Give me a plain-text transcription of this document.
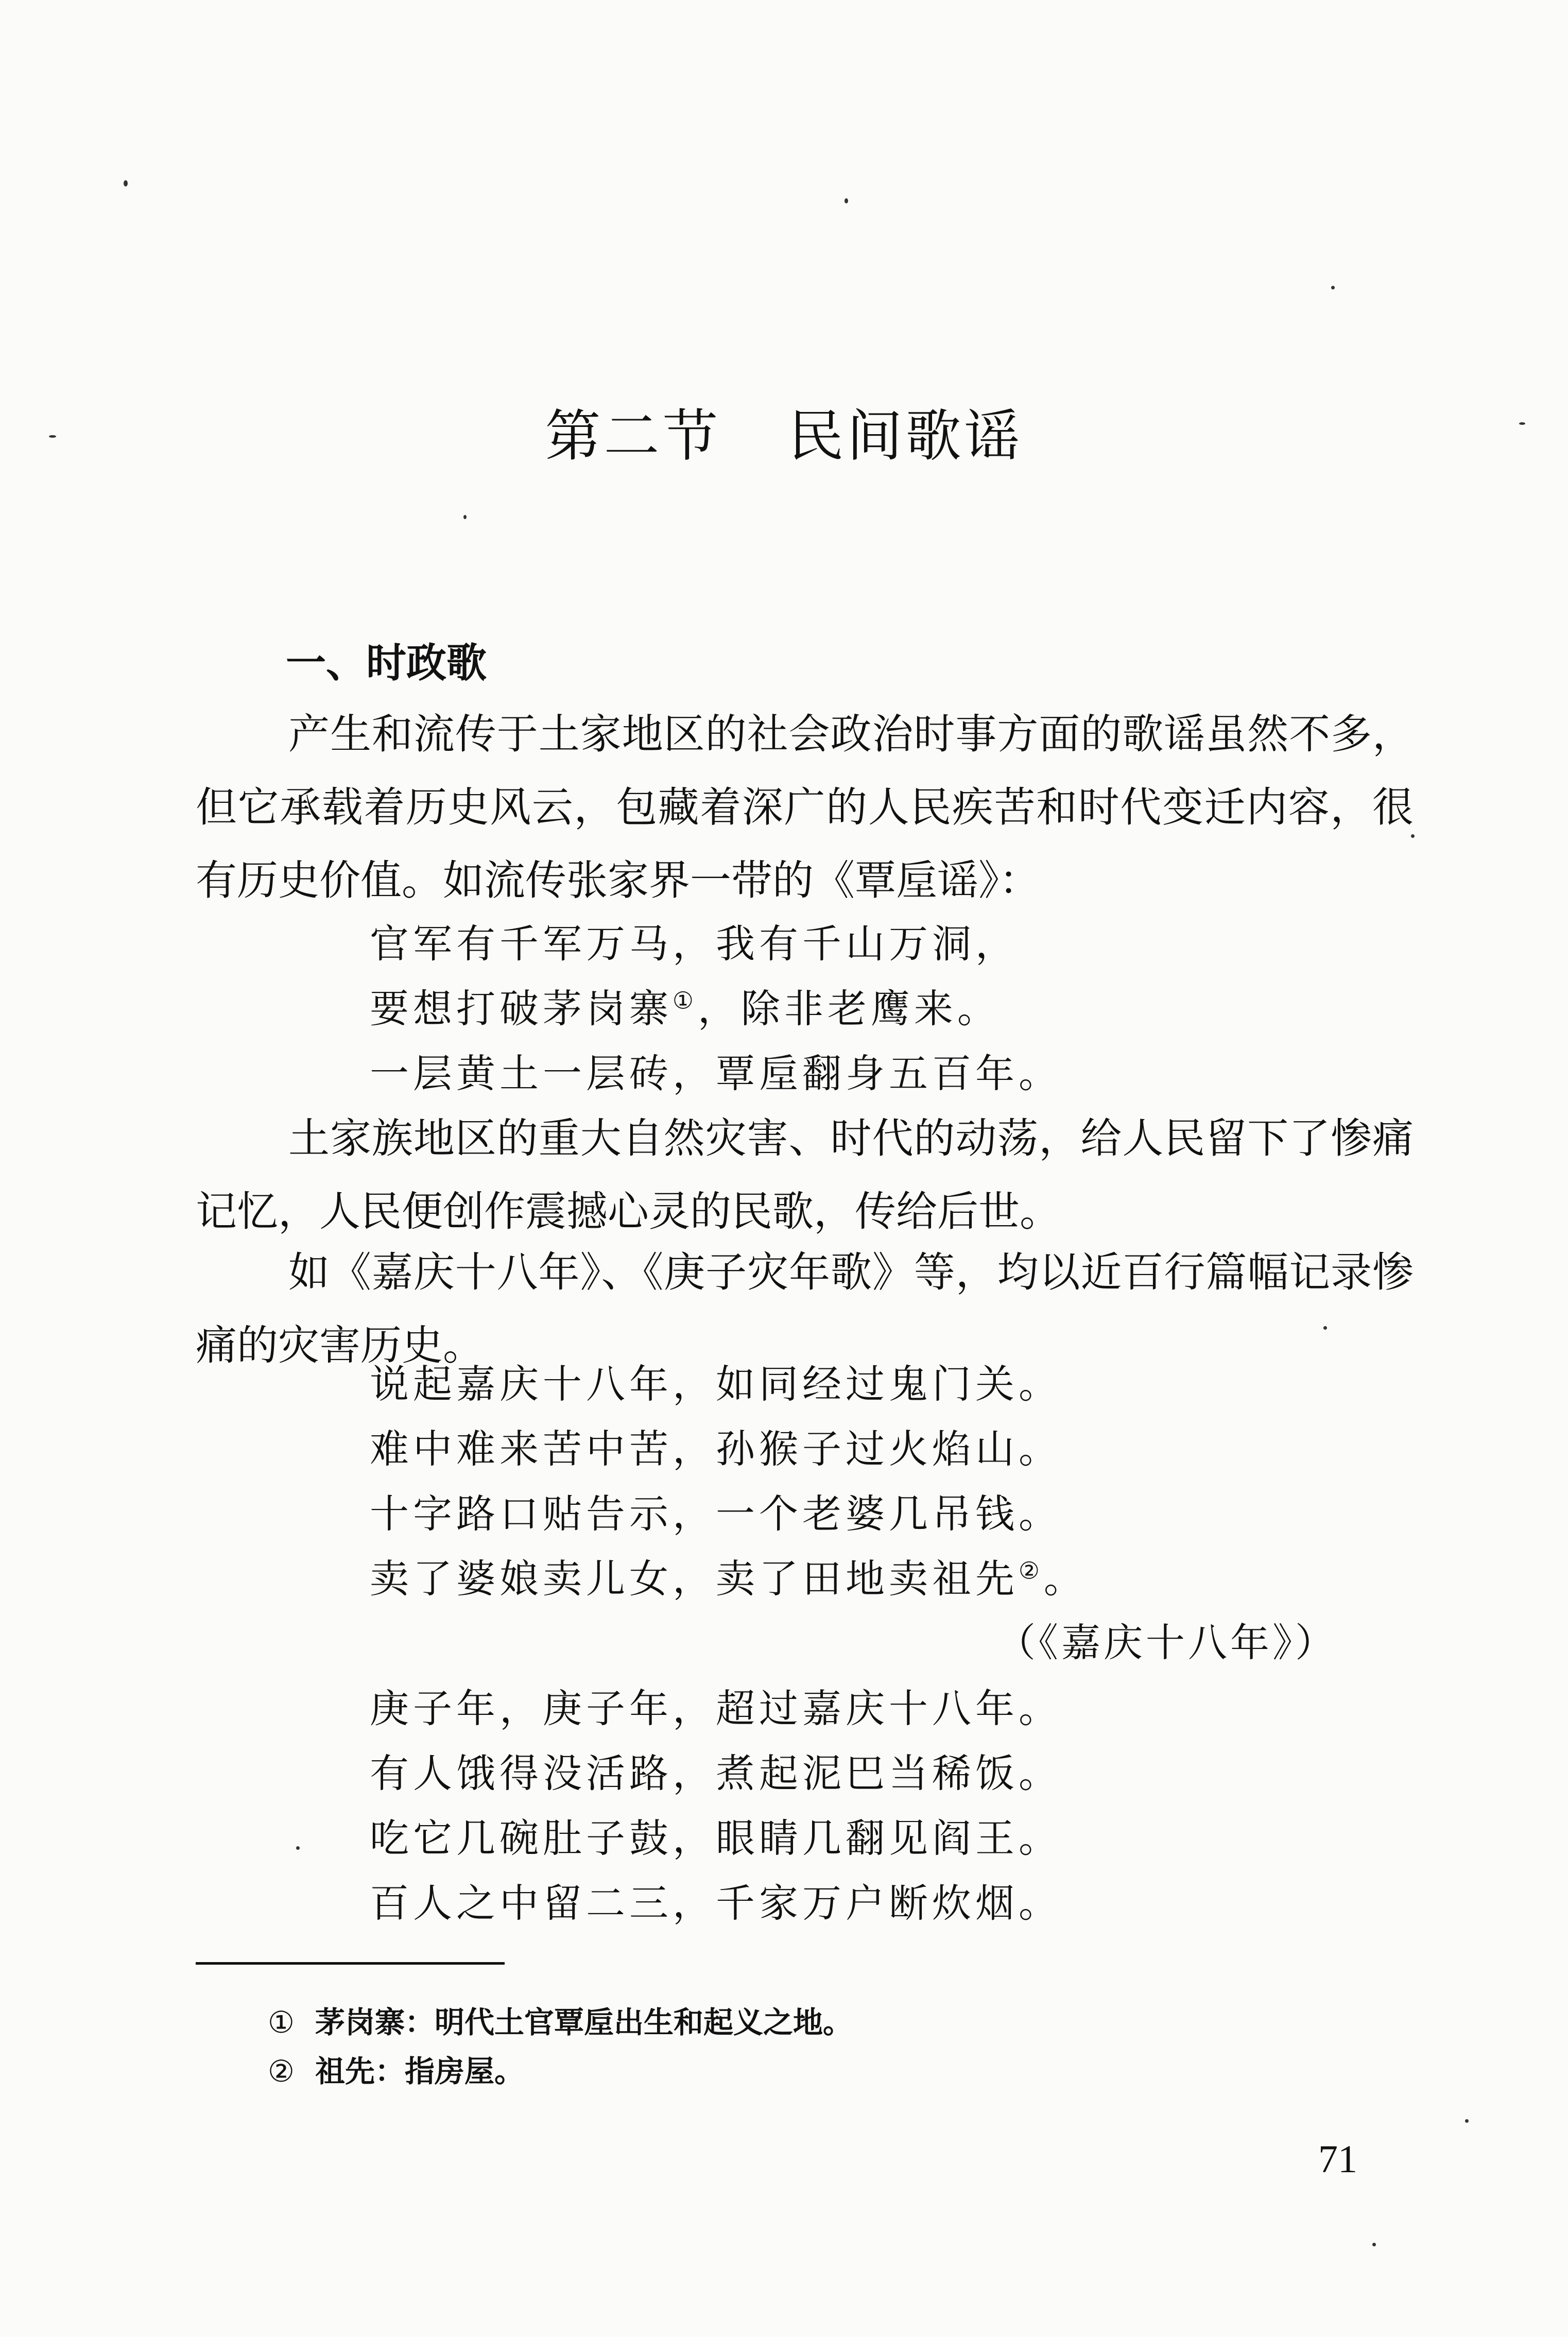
第二节 民间歌谣
一、时政歌

产生和流传于土家地区的社会政治时事方面的歌谣虽然不多，但它承载着历史风云，包藏着深广的人民疾苦和时代变迁内容，很有历史价值。如流传张家界一带的《覃垕谣》：

官军有千军万马，我有千山万洞，
要想打破茅岗寨①，除非老鹰来。
一层黄土一层砖，覃垕翻身五百年。

土家族地区的重大自然灾害、时代的动荡，给人民留下了惨痛记忆，人民便创作震撼心灵的民歌，传给后世。

如《嘉庆十八年》、《庚子灾年歌》等，均以近百行篇幅记录惨痛的灾害历史。

说起嘉庆十八年，如同经过鬼门关。
难中难来苦中苦，孙猴子过火焰山。
十字路口贴告示，一个老婆几吊钱。
卖了婆娘卖儿女，卖了田地卖祖先②。
（《嘉庆十八年》）
庚子年，庚子年，超过嘉庆十八年。
有人饿得没活路，煮起泥巴当稀饭。
吃它几碗肚子鼓，眼睛几翻见阎王。
百人之中留二三，千家万户断炊烟。
① 茅岗寨：明代土官覃垕出生和起义之地。
② 祖先：指房屋。
71
